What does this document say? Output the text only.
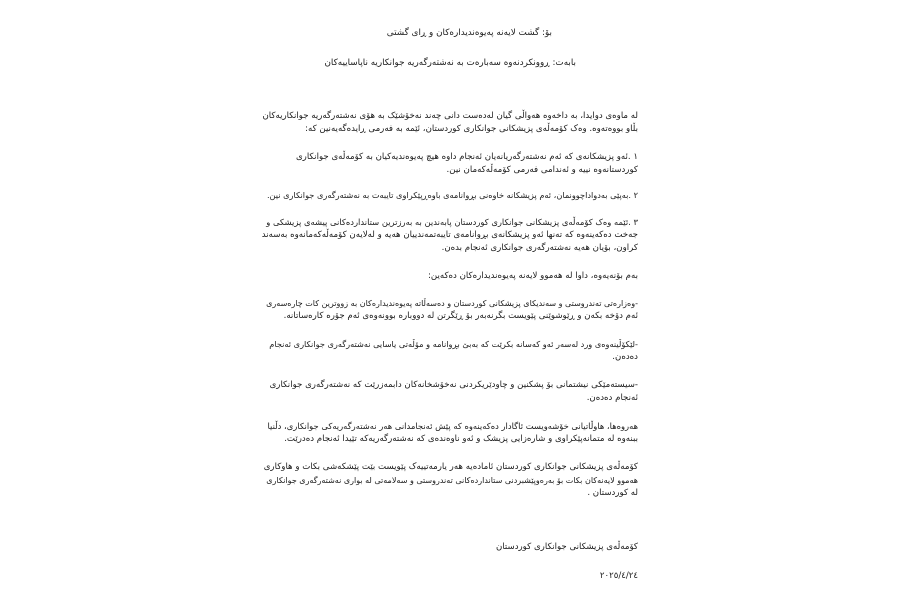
بۆ: گشت لایەنە پەیوەندیدارەکان و ڕای گشتی
بابەت: ڕوونکردنەوە سەبارەت بە نەشتەرگەریە جوانکاریە ناپاساییەکان
لە ماوەی دوایدا، بە داخەوە هەواڵی گیان لەدەست دانی چەند نەخۆشێک بە هۆی نەشتەرگەریە جوانکاریەکان
بڵاو بووەتەوە. وەک کۆمەڵەی پزیشکانی جوانکاری کوردستان، ئێمە بە فەرمی ڕایدەگەیەنین کە:
١ .ئەو پزیشکانەی کە ئەم نەشتەرگەریانەیان ئەنجام داوە هیچ پەیوەندیەکیان بە کۆمەڵەی جوانکاری
کوردستانەوە نییە و ئەندامی فەرمی کۆمەڵەکەمان نین.
٢ .بەپێی بەدواداچوونمان، ئەم پزیشکانە خاوەنی بڕوانامەی باوەڕپێکراوی تایبەت بە نەشتەرگەری جوانکاری نین.
٣ .ئێمە وەک کۆمەڵەی پزیشکانی جوانکاری کوردستان پابەندین بە بەرزترین ستانداردەکانی پیشەی پزیشکی و
جەخت دەکەینەوە کە تەنها ئەو پزیشکانەی بڕوانامەی تایبەتمەندییان هەیە و لەلایەن کۆمەڵەکەمانەوە بەسەند
کراون، بۆیان هەیە نەشتەرگەری جوانکاری ئەنجام بدەن.
بەم بۆنەیەوە، داوا لە هەموو لایەنە پەیوەندیدارەکان دەکەین:
-وەزارەتی تەندروستی و سەندیکای پزیشکانی کوردستان و دەسەڵاتە پەیوەندیدارەکان بە زووترین کات چارەسەری
ئەم دۆخە بکەن و ڕێوشوێنی پێویست بگرنەبەر بۆ ڕێگرتن لە دووبارە بوونەوەی ئەم جۆرە کارەساتانە.
-لێکۆڵینەوەی ورد لەسەر ئەو کەسانە بکرێت کە بەبێ بڕوانامە و مۆڵەتی یاسایی نەشتەرگەری جوانکاری ئەنجام
دەدەن.
-سیستەمێکی نیشتمانی بۆ پشکنین و چاودێریکردنی نەخۆشخانەکان دابمەزرێت کە نەشتەرگەری جوانکاری
ئەنجام دەدەن.
هەروەها، هاوڵاتیانی خۆشەویست ئاگادار دەکەینەوە کە پێش ئەنجامدانی هەر نەشتەرگەریەکی جوانکاری، دڵنیا
ببنەوە لە متمانەپێکراوی و شارەزایی پزیشک و ئەو ناوەندەی کە نەشتەرگەریەکە تێیدا ئەنجام دەدرێت.
کۆمەڵەی پزیشکانی جوانکاری کوردستان ئامادەیە هەر یارمەتییەک پێویست بێت پێشکەشی بکات و هاوکاری
هەموو لایەنەکان بکات بۆ بەرەوپێشبردنی ستانداردەکانی تەندروستی و سەلامەتی لە بواری نەشتەرگەری جوانکاری
لە کوردستان .
کۆمەڵەی پزیشکانی جوانکاری کوردستان
٢٠٢٥/٤/٢٤
